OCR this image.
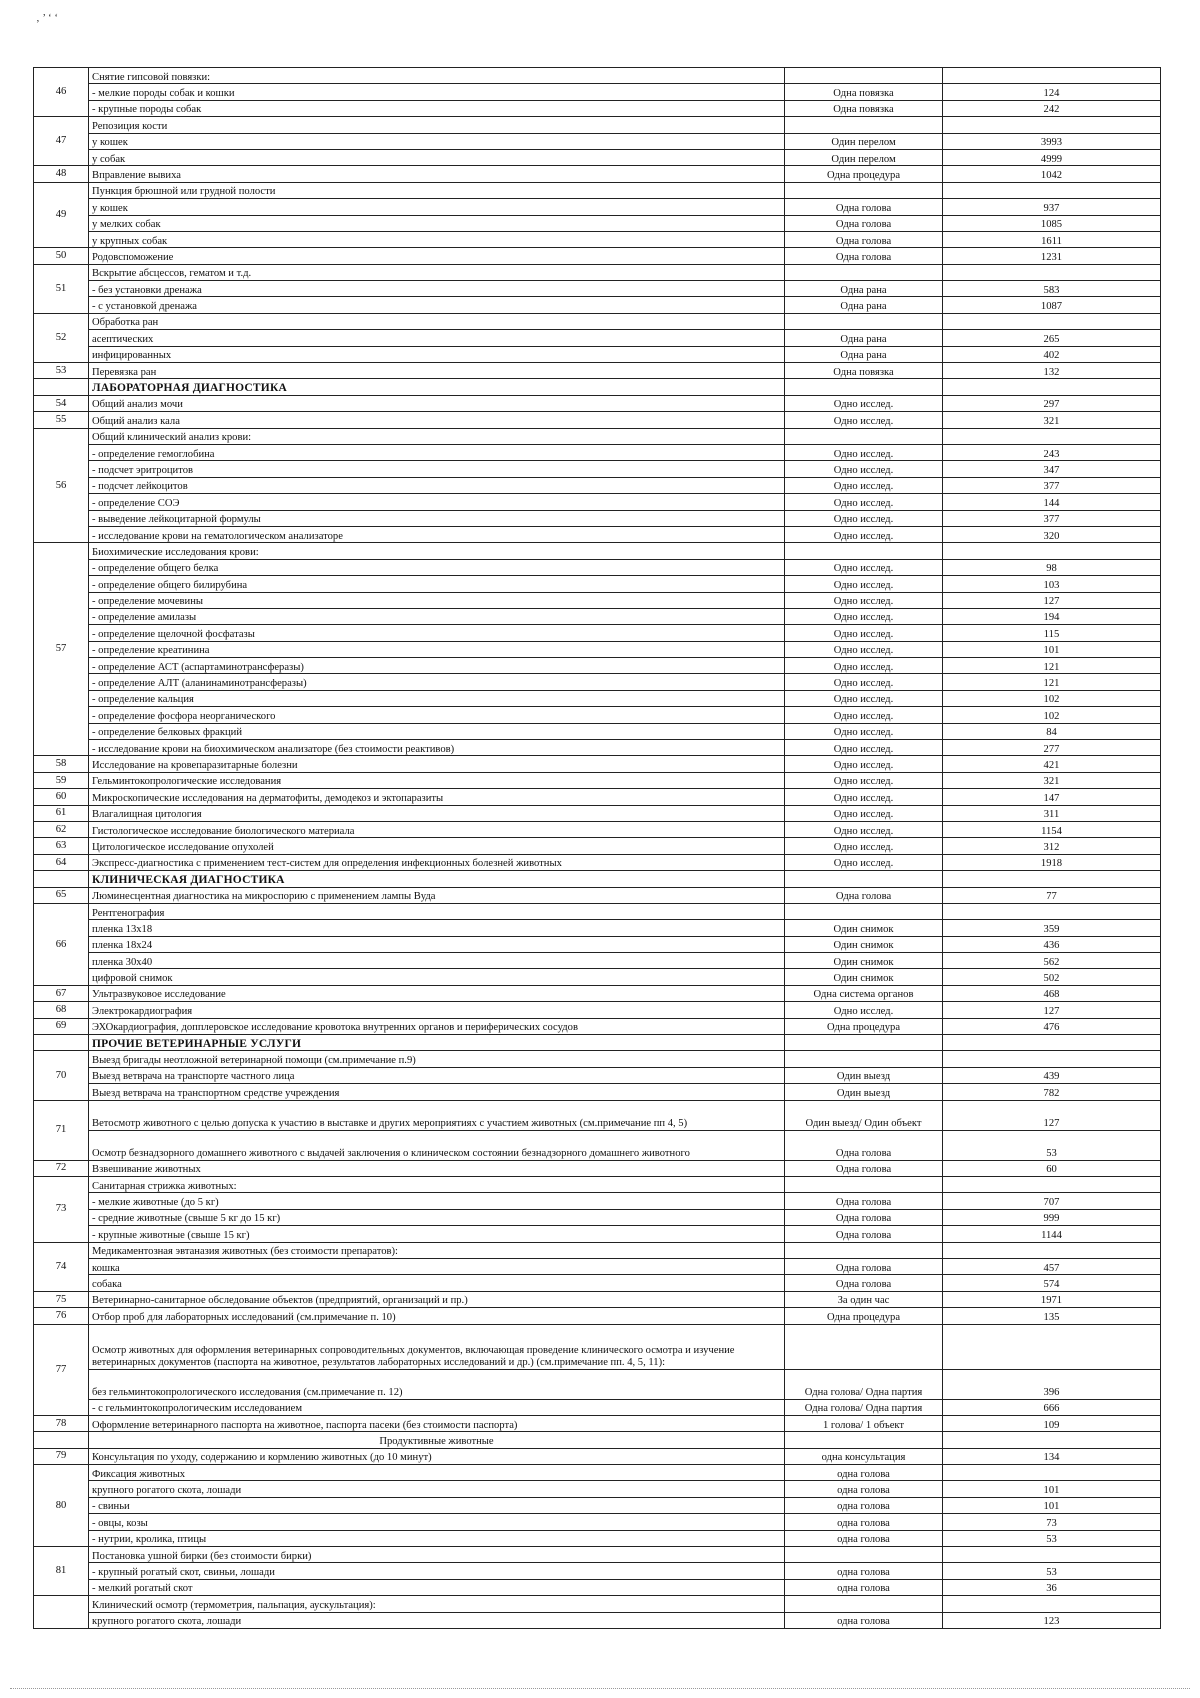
‚ ’ ‘ ‘
46	Снятие гипсовой повязки:		
	- мелкие породы собак и кошки	Одна повязка	124
	- крупные породы собак	Одна повязка	242
47	Репозиция кости		
	у кошек	Один перелом	3993
	у собак	Один перелом	4999
48	Вправление вывиха	Одна процедура	1042
49	Пункция брюшной или грудной полости		
	у кошек	Одна голова	937
	у мелких собак	Одна голова	1085
	у крупных собак	Одна голова	1611
50	Родовспоможение	Одна голова	1231
51	Вскрытие абсцессов, гематом и т.д.		
	- без установки дренажа	Одна рана	583
	- с установкой дренажа	Одна рана	1087
52	Обработка ран		
	асептических	Одна рана	265
	инфицированных	Одна рана	402
53	Перевязка ран	Одна повязка	132
	ЛАБОРАТОРНАЯ ДИАГНОСТИКА		
54	Общий анализ мочи	Одно исслед.	297
55	Общий анализ кала	Одно исслед.	321
56	Общий клинический анализ крови:		
	- определение гемоглобина	Одно исслед.	243
	- подсчет эритроцитов	Одно исслед.	347
	- подсчет лейкоцитов	Одно исслед.	377
	- определение СОЭ	Одно исслед.	144
	- выведение лейкоцитарной формулы	Одно исслед.	377
	- исследование крови на гематологическом анализаторе	Одно исслед.	320
57	Биохимические исследования крови:		
	- определение общего белка	Одно исслед.	98
	- определение общего билирубина	Одно исслед.	103
	- определение мочевины	Одно исслед.	127
	- определение амилазы	Одно исслед.	194
	- определение щелочной фосфатазы	Одно исслед.	115
	- определение креатинина	Одно исслед.	101
	- определение АСТ (аспартаминотрансферазы)	Одно исслед.	121
	- определение АЛТ (аланинаминотрансферазы)	Одно исслед.	121
	- определение кальция	Одно исслед.	102
	- определение фосфора неорганического	Одно исслед.	102
	- определение белковых фракций	Одно исслед.	84
	- исследование крови на биохимическом анализаторе (без стоимости реактивов)	Одно исслед.	277
58	Исследование на кровепаразитарные болезни	Одно исслед.	421
59	Гельминтокопрологические исследования	Одно исслед.	321
60	Микроскопические исследования на дерматофиты, демодекоз и эктопаразиты	Одно исслед.	147
61	Влагалищная цитология	Одно исслед.	311
62	Гистологическое исследование биологического материала	Одно исслед.	1154
63	Цитологическое исследование опухолей	Одно исслед.	312
64	Экспресс-диагностика с применением тест-систем для определения инфекционных болезней животных	Одно исслед.	1918
	КЛИНИЧЕСКАЯ ДИАГНОСТИКА		
65	Люминесцентная диагностика на микроспорию с применением лампы Вуда	Одна голова	77
66	Рентгенография		
	пленка 13х18	Один снимок	359
	пленка 18х24	Один снимок	436
	пленка 30х40	Один снимок	562
	цифровой снимок	Один снимок	502
67	Ультразвуковое исследование	Одна система органов	468
68	Электрокардиография	Одно исслед.	127
69	ЭХОкардиография, допплеровское исследование кровотока внутренних органов и периферических сосудов	Одна процедура	476
	ПРОЧИЕ ВЕТЕРИНАРНЫЕ УСЛУГИ		
70	Выезд бригады неотложной ветеринарной помощи (см.примечание п.9)		
	Выезд ветврача на транспорте частного лица	Один выезд	439
	Выезд ветврача на транспортном средстве учреждения	Один выезд	782
71	Ветосмотр животного с целью допуска к участию в выставке и других мероприятиях с участием животных (см.примечание пп 4, 5)	Один выезд/ Один объект	127
	Осмотр безнадзорного домашнего животного с выдачей заключения о клиническом состоянии безнадзорного домашнего животного	Одна голова	53
72	Взвешивание животных	Одна голова	60
73	Санитарная стрижка животных:		
	- мелкие животные (до 5 кг)	Одна голова	707
	- средние животные (свыше 5 кг до 15 кг)	Одна голова	999
	- крупные животные (свыше 15 кг)	Одна голова	1144
74	Медикаментозная эвтаназия животных (без стоимости препаратов):		
	кошка	Одна голова	457
	собака	Одна голова	574
75	Ветеринарно-санитарное обследование объектов (предприятий, организаций и пр.)	За один час	1971
76	Отбор проб для лабораторных исследований (см.примечание п. 10)	Одна процедура	135
77	Осмотр животных для оформления ветеринарных сопроводительных документов, включающая проведение клинического осмотра и изучение ветеринарных документов (паспорта на животное, результатов лабораторных исследований и др.) (см.примечание пп. 4, 5, 11):		
	без гельминтокопрологического исследования (см.примечание п. 12)	Одна голова/ Одна партия	396
	- с гельминтокопрологическим исследованием	Одна голова/ Одна партия	666
78	Оформление ветеринарного паспорта на животное, паспорта пасеки (без стоимости паспорта)	1 голова/ 1 объект	109
	Продуктивные животные		
79	Консультация по уходу, содержанию и кормлению животных (до 10 минут)	одна консультация	134
80	Фиксация животных	одна голова	
	крупного рогатого скота, лошади	одна голова	101
	- свиньи	одна голова	101
	- овцы, козы	одна голова	73
	- нутрии, кролика, птицы	одна голова	53
81	Постановка ушной бирки (без стоимости бирки)		
	- крупный рогатый скот, свиньи, лошади	одна голова	53
	- мелкий рогатый скот	одна голова	36
	Клинический осмотр (термометрия, пальпация, аускультация):		
	крупного рогатого скота, лошади	одна голова	123
